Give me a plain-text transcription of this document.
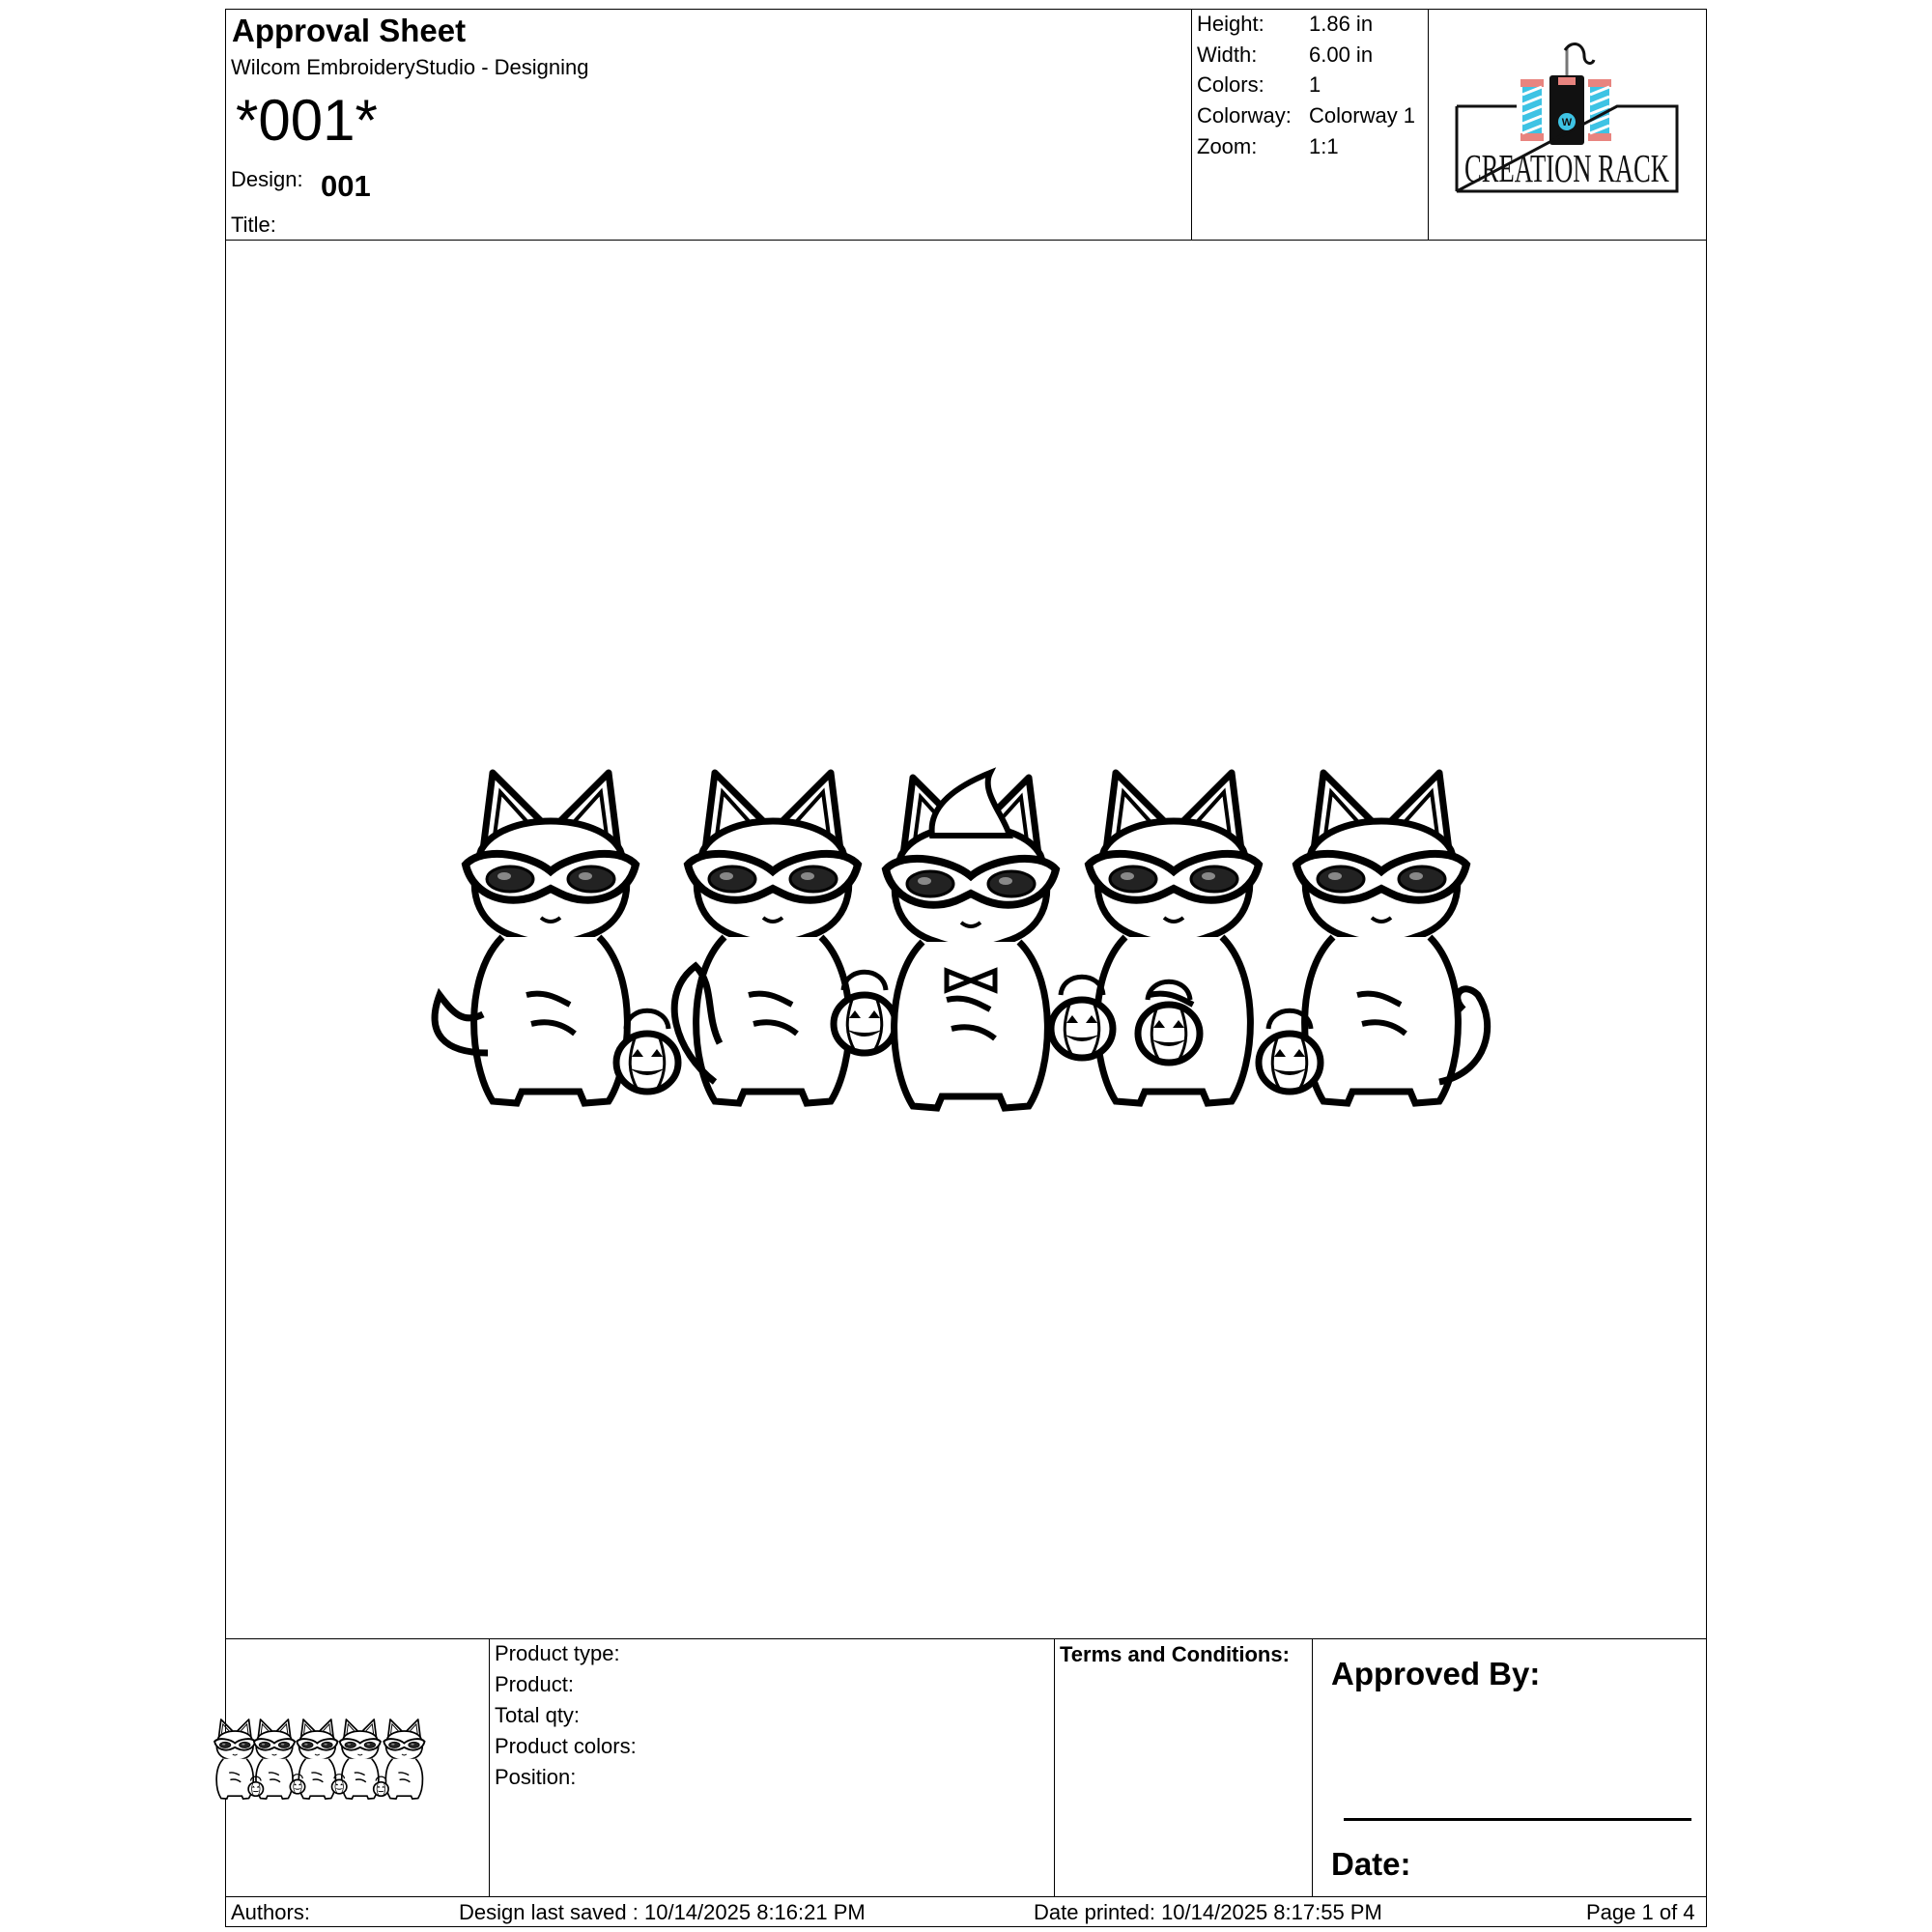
Approval Sheet
Wilcom EmbroideryStudio - Designing
*001*
Design: 001
Title:
Height: 1.86 in
Width: 6.00 in
Colors: 1
Colorway: Colorway 1
Zoom: 1:1
W
CREATION RACK
Product type:
Product:
Total qty:
Product colors:
Position:
Terms and Conditions:
Approved By:
Date:
Authors:	Design last saved : 10/14/2025 8:16:21 PM	Date printed: 10/14/2025 8:17:55 PM	Page 1 of 4
